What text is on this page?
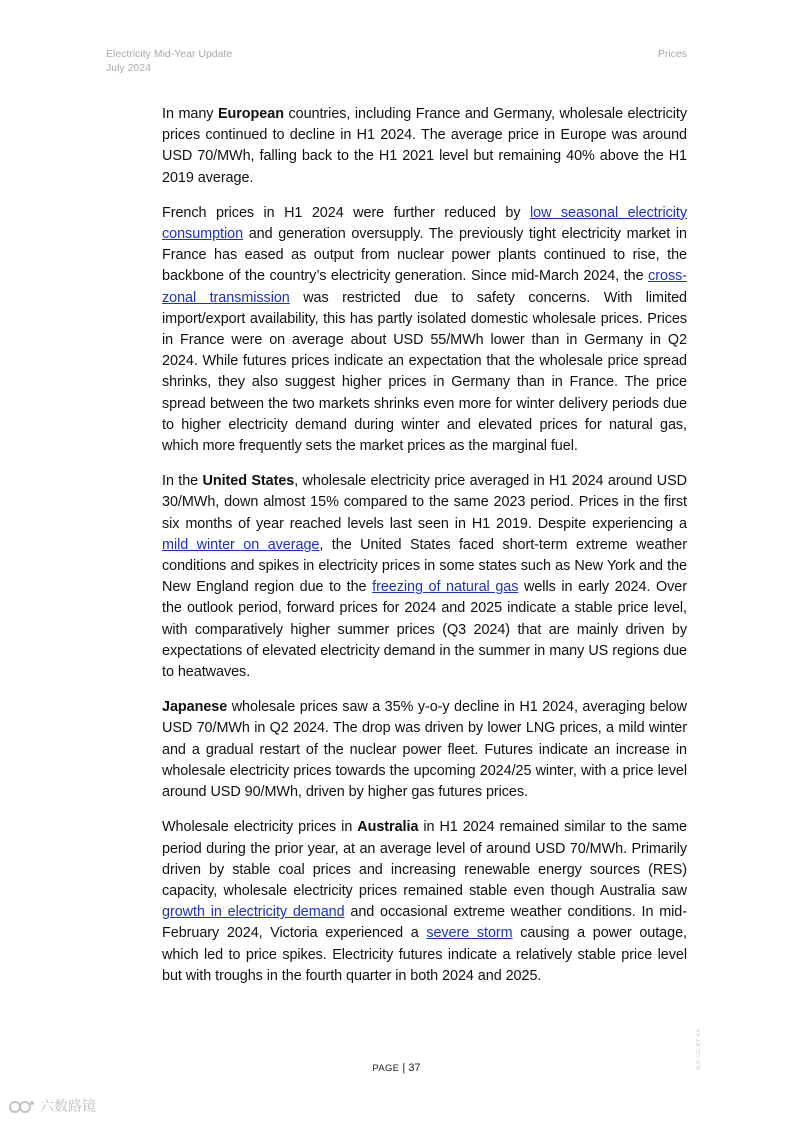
Electricity Mid-Year Update
July 2024
Prices

In many European countries, including France and Germany, wholesale electricity prices continued to decline in H1 2024. The average price in Europe was around USD 70/MWh, falling back to the H1 2021 level but remaining 40% above the H1 2019 average.

French prices in H1 2024 were further reduced by low seasonal electricity consumption and generation oversupply. The previously tight electricity market in France has eased as output from nuclear power plants continued to rise, the backbone of the country’s electricity generation. Since mid-March 2024, the cross-zonal transmission was restricted due to safety concerns. With limited import/export availability, this has partly isolated domestic wholesale prices. Prices in France were on average about USD 55/MWh lower than in Germany in Q2 2024. While futures prices indicate an expectation that the wholesale price spread shrinks, they also suggest higher prices in Germany than in France. The price spread between the two markets shrinks even more for winter delivery periods due to higher electricity demand during winter and elevated prices for natural gas, which more frequently sets the market prices as the marginal fuel.

In the United States, wholesale electricity price averaged in H1 2024 around USD 30/MWh, down almost 15% compared to the same 2023 period. Prices in the first six months of year reached levels last seen in H1 2019. Despite experiencing a mild winter on average, the United States faced short-term extreme weather conditions and spikes in electricity prices in some states such as New York and the New England region due to the freezing of natural gas wells in early 2024. Over the outlook period, forward prices for 2024 and 2025 indicate a stable price level, with comparatively higher summer prices (Q3 2024) that are mainly driven by expectations of elevated electricity demand in the summer in many US regions due to heatwaves.

Japanese wholesale prices saw a 35% y-o-y decline in H1 2024, averaging below USD 70/MWh in Q2 2024. The drop was driven by lower LNG prices, a mild winter and a gradual restart of the nuclear power fleet. Futures indicate an increase in wholesale electricity prices towards the upcoming 2024/25 winter, with a price level around USD 90/MWh, driven by higher gas futures prices.

Wholesale electricity prices in Australia in H1 2024 remained similar to the same period during the prior year, at an average level of around USD 70/MWh. Primarily driven by stable coal prices and increasing renewable energy sources (RES) capacity, wholesale electricity prices remained stable even though Australia saw growth in electricity demand and occasional extreme weather conditions. In mid-February 2024, Victoria experienced a severe storm causing a power outage, which led to price spikes. Electricity futures indicate a relatively stable price level but with troughs in the fourth quarter in both 2024 and 2025.

IEA. CC BY 4.0.
PAGE | 37
六数路镜
